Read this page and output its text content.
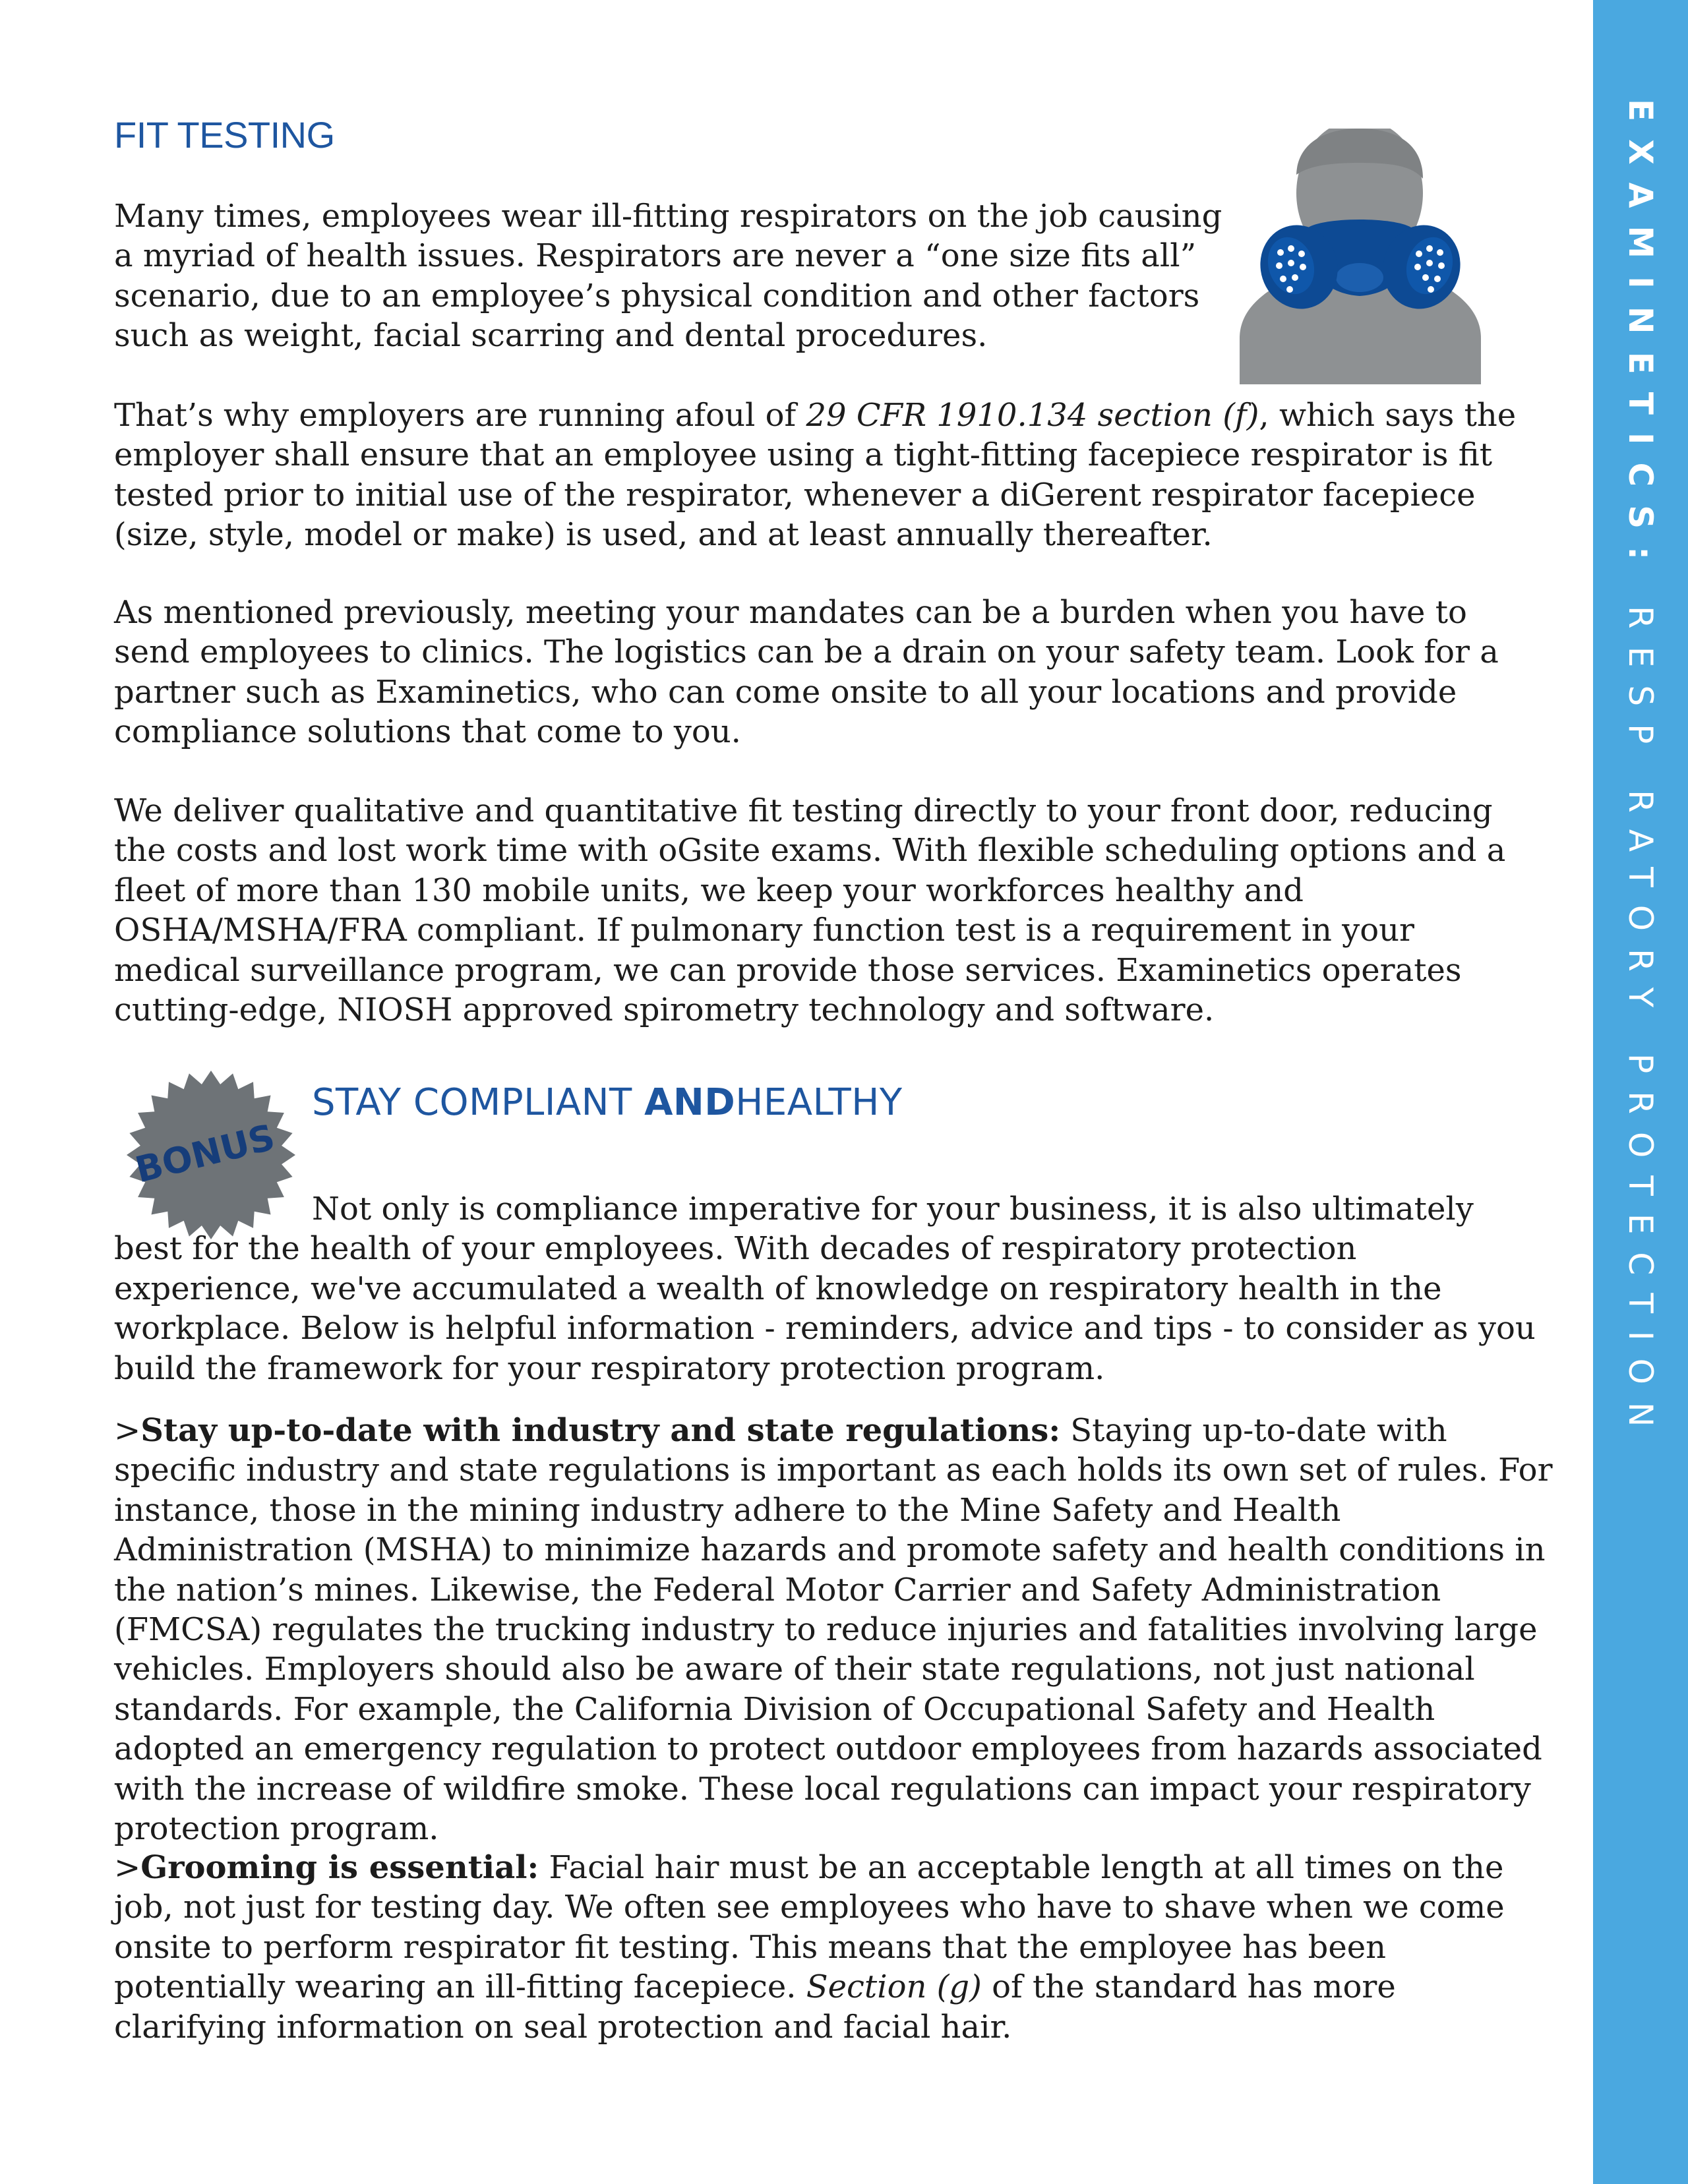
EXAMINETICS: RESP RATORY PROTECTION
FIT TESTING

Many times, employees wear ill-fitting respirators on the job causing a myriad of health issues. Respirators are never a “one size fits all” scenario, due to an employee’s physical condition and other factors such as weight, facial scarring and dental procedures.

That’s why employers are running afoul of 29 CFR 1910.134 section (f), which says the employer shall ensure that an employee using a tight-fitting facepiece respirator is fit tested prior to initial use of the respirator, whenever a diGerent respirator facepiece (size, style, model or make) is used, and at least annually thereafter.

As mentioned previously, meeting your mandates can be a burden when you have to send employees to clinics. The logistics can be a drain on your safety team. Look for a partner such as Examinetics, who can come onsite to all your locations and provide compliance solutions that come to you.

We deliver qualitative and quantitative fit testing directly to your front door, reducing the costs and lost work time with oGsite exams. With flexible scheduling options and a fleet of more than 130 mobile units, we keep your workforces healthy and OSHA/MSHA/FRA compliant. If pulmonary function test is a requirement in your medical surveillance program, we can provide those services. Examinetics operates cutting-edge, NIOSH approved spirometry technology and software.

BONUS
STAY COMPLIANT ANDHEALTHY

Not only is compliance imperative for your business, it is also ultimately best for the health of your employees. With decades of respiratory protection experience, we've accumulated a wealth of knowledge on respiratory health in the workplace. Below is helpful information - reminders, advice and tips - to consider as you build the framework for your respiratory protection program.

>Stay up-to-date with industry and state regulations: Staying up-to-date with specific industry and state regulations is important as each holds its own set of rules. For instance, those in the mining industry adhere to the Mine Safety and Health Administration (MSHA) to minimize hazards and promote safety and health conditions in the nation’s mines. Likewise, the Federal Motor Carrier and Safety Administration (FMCSA) regulates the trucking industry to reduce injuries and fatalities involving large vehicles. Employers should also be aware of their state regulations, not just national standards. For example, the California Division of Occupational Safety and Health adopted an emergency regulation to protect outdoor employees from hazards associated with the increase of wildfire smoke. These local regulations can impact your respiratory protection program.

>Grooming is essential: Facial hair must be an acceptable length at all times on the job, not just for testing day. We often see employees who have to shave when we come onsite to perform respirator fit testing. This means that the employee has been potentially wearing an ill-fitting facepiece. Section (g) of the standard has more clarifying information on seal protection and facial hair.
